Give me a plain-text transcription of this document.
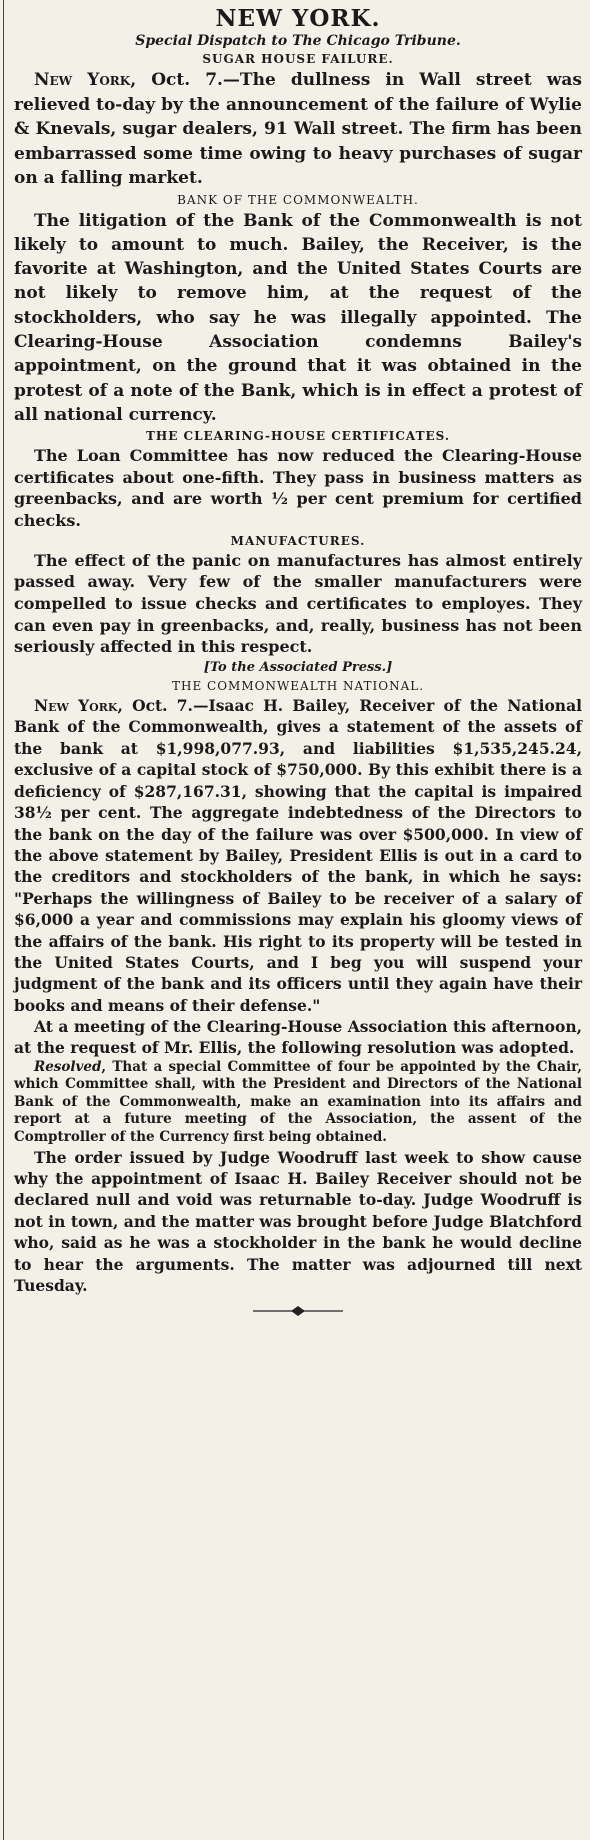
NEW YORK.
Special Dispatch to The Chicago Tribune.
SUGAR HOUSE FAILURE.

New York, Oct. 7.—The dullness in Wall street was relieved to-day by the announcement of the failure of Wylie & Knevals, sugar dealers, 91 Wall street. The firm has been embarrassed some time owing to heavy purchases of sugar on a falling market.

BANK OF THE COMMONWEALTH.

The litigation of the Bank of the Commonwealth is not likely to amount to much. Bailey, the Receiver, is the favorite at Washington, and the United States Courts are not likely to remove him, at the request of the stockholders, who say he was illegally appointed. The Clearing-House Association condemns Bailey's appointment, on the ground that it was obtained in the protest of a note of the Bank, which is in effect a protest of all national currency.

THE CLEARING-HOUSE CERTIFICATES.

The Loan Committee has now reduced the Clearing-House certificates about one-fifth. They pass in business matters as greenbacks, and are worth ½ per cent premium for certified checks.

MANUFACTURES.

The effect of the panic on manufactures has almost entirely passed away. Very few of the smaller manufacturers were compelled to issue checks and certificates to employes. They can even pay in greenbacks, and, really, business has not been seriously affected in this respect.

[To the Associated Press.]
THE COMMONWEALTH NATIONAL.

New York, Oct. 7.—Isaac H. Bailey, Receiver of the National Bank of the Commonwealth, gives a statement of the assets of the bank at $1,998,077.93, and liabilities $1,535,245.24, exclusive of a capital stock of $750,000. By this exhibit there is a deficiency of $287,167.31, showing that the capital is impaired 38½ per cent. The aggregate indebtedness of the Directors to the bank on the day of the failure was over $500,000. In view of the above statement by Bailey, President Ellis is out in a card to the creditors and stockholders of the bank, in which he says: "Perhaps the willingness of Bailey to be receiver of a salary of $6,000 a year and commissions may explain his gloomy views of the affairs of the bank. His right to its property will be tested in the United States Courts, and I beg you will suspend your judgment of the bank and its officers until they again have their books and means of their defense."

At a meeting of the Clearing-House Association this afternoon, at the request of Mr. Ellis, the following resolution was adopted.

Resolved, That a special Committee of four be appointed by the Chair, which Committee shall, with the President and Directors of the National Bank of the Commonwealth, make an examination into its affairs and report at a future meeting of the Association, the assent of the Comptroller of the Currency first being obtained.

The order issued by Judge Woodruff last week to show cause why the appointment of Isaac H. Bailey Receiver should not be declared null and void was returnable to-day. Judge Woodruff is not in town, and the matter was brought before Judge Blatchford who, said as he was a stockholder in the bank he would decline to hear the arguments. The matter was adjourned till next Tuesday.
